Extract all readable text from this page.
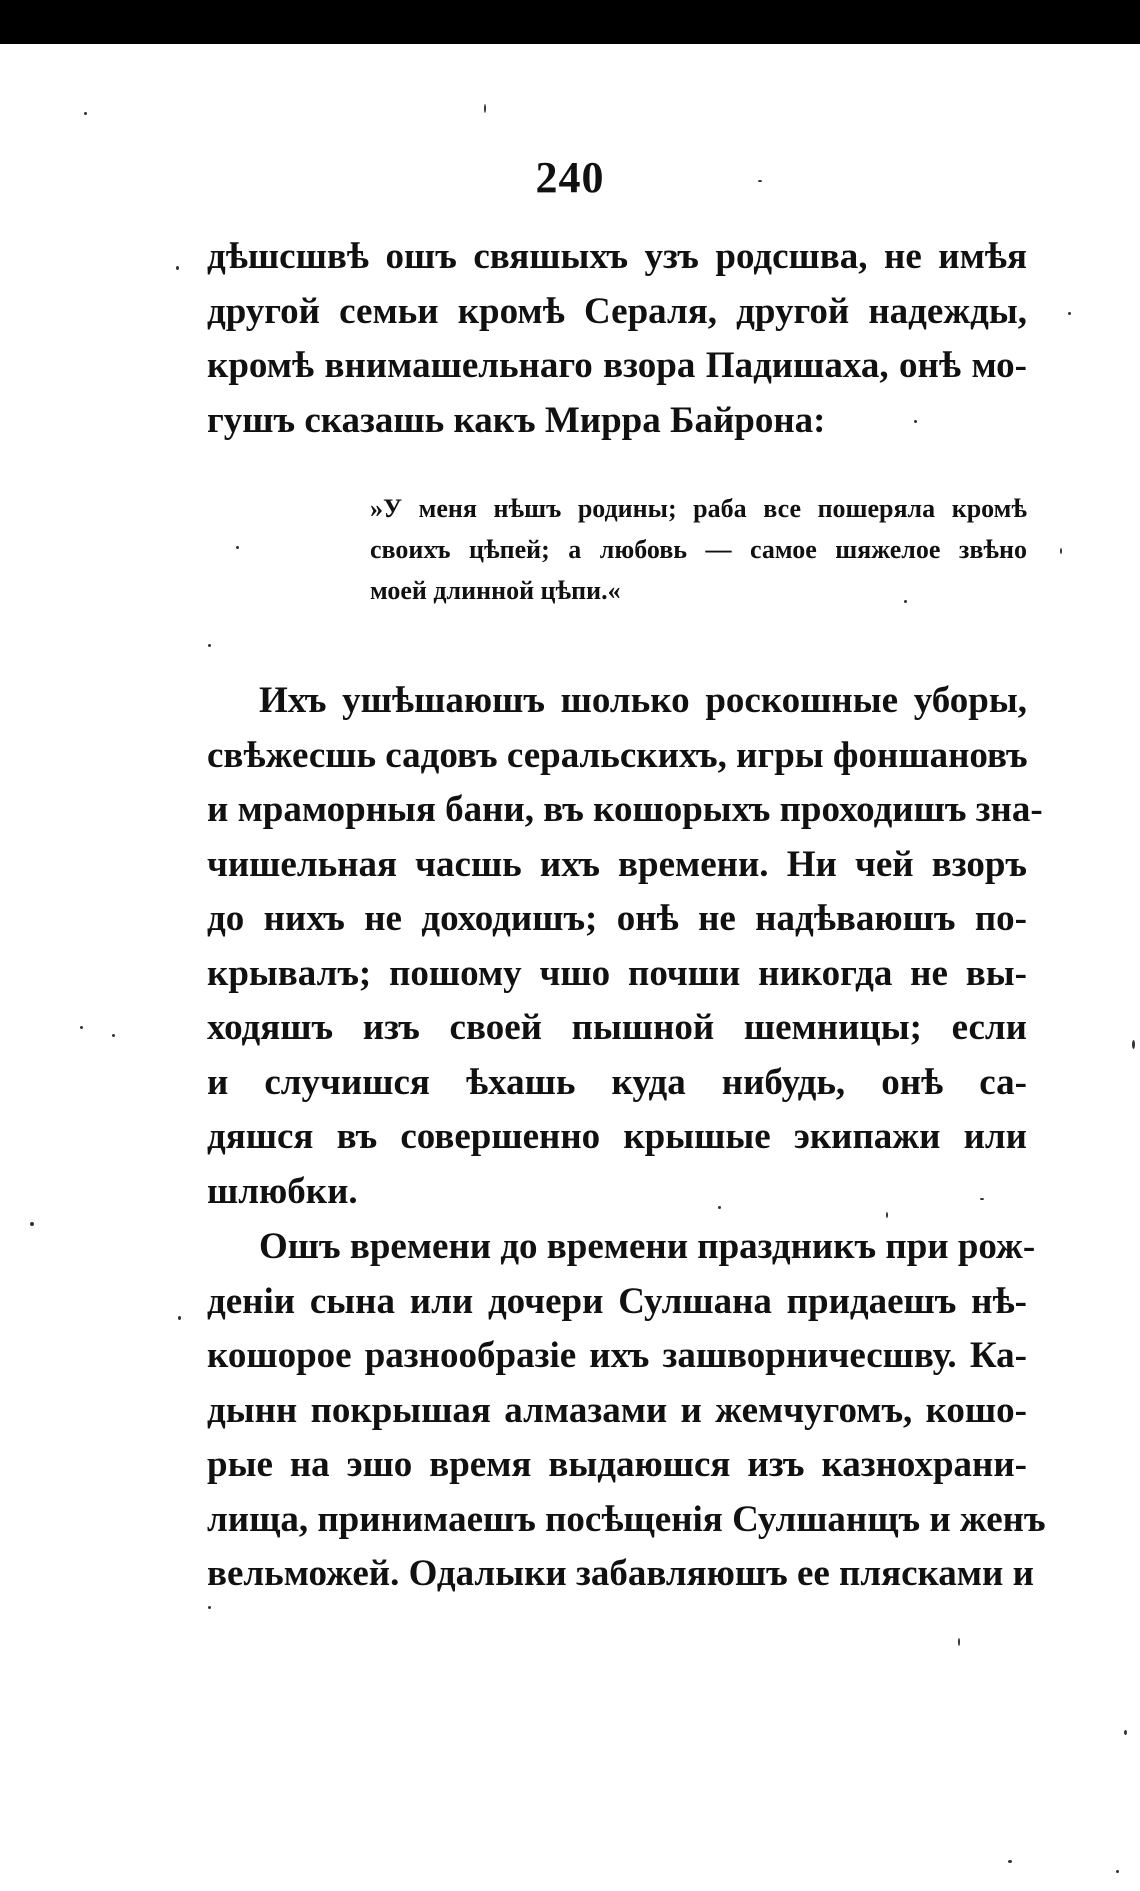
240
дѣшсшвѣ ошъ свяшыхъ узъ родсшва, не имѣя
другой семьи кромѣ Сераля, другой надежды,
кромѣ внимашельнаго взора Падишаха, онѣ мо-
гушъ сказашь какъ Мирра Байрона:
»У меня нѣшъ родины; раба все пошеряла кромѣ
своихъ цѣпей; а любовь — самое шяжелое звѣно
моей длинной цѣпи.«
Ихъ ушѣшаюшъ шолько роскошные уборы,
свѣжесшь садовъ серальскихъ, игры фоншановъ
и мраморныя бани, въ кошорыхъ проходишъ зна-
чишельная часшь ихъ времени. Ни чей взоръ
до нихъ не доходишъ; онѣ не надѣваюшъ по-
крывалъ; пошому чшо почши никогда не вы-
ходяшъ изъ своей пышной шемницы; если
и случишся ѣхашь куда нибудь, онѣ са-
дяшся въ совершенно крышые экипажи или
шлюбки.
Ошъ времени до времени праздникъ при рож-
деніи сына или дочери Сулшана придаешъ нѣ-
кошорое разнообразіе ихъ зашворничесшву. Ка-
дынн покрышая алмазами и жемчугомъ, кошо-
рые на эшо время выдаюшся изъ казнохрани-
лища, принимаешъ посѣщенія Сулшанщъ и женъ
вельможей. Одалыки забавляюшъ ее плясками и
